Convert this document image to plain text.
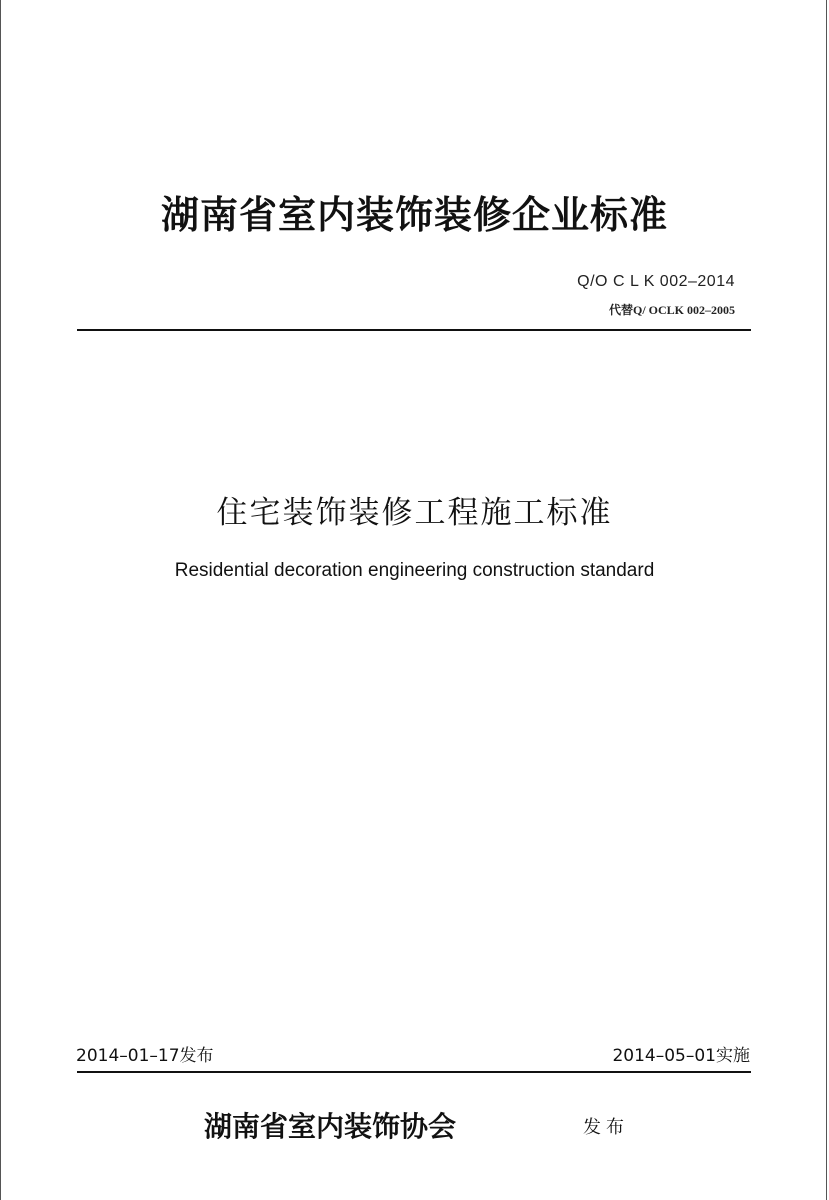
湖南省室内装饰装修企业标准
Q/O C L K 002–2014
代替Q/ OCLK 002–2005
住宅装饰装修工程施工标准
Residential decoration engineering construction standard
2014–01–17发布	2014–05–01实施
湖南省室内装饰协会	发布
